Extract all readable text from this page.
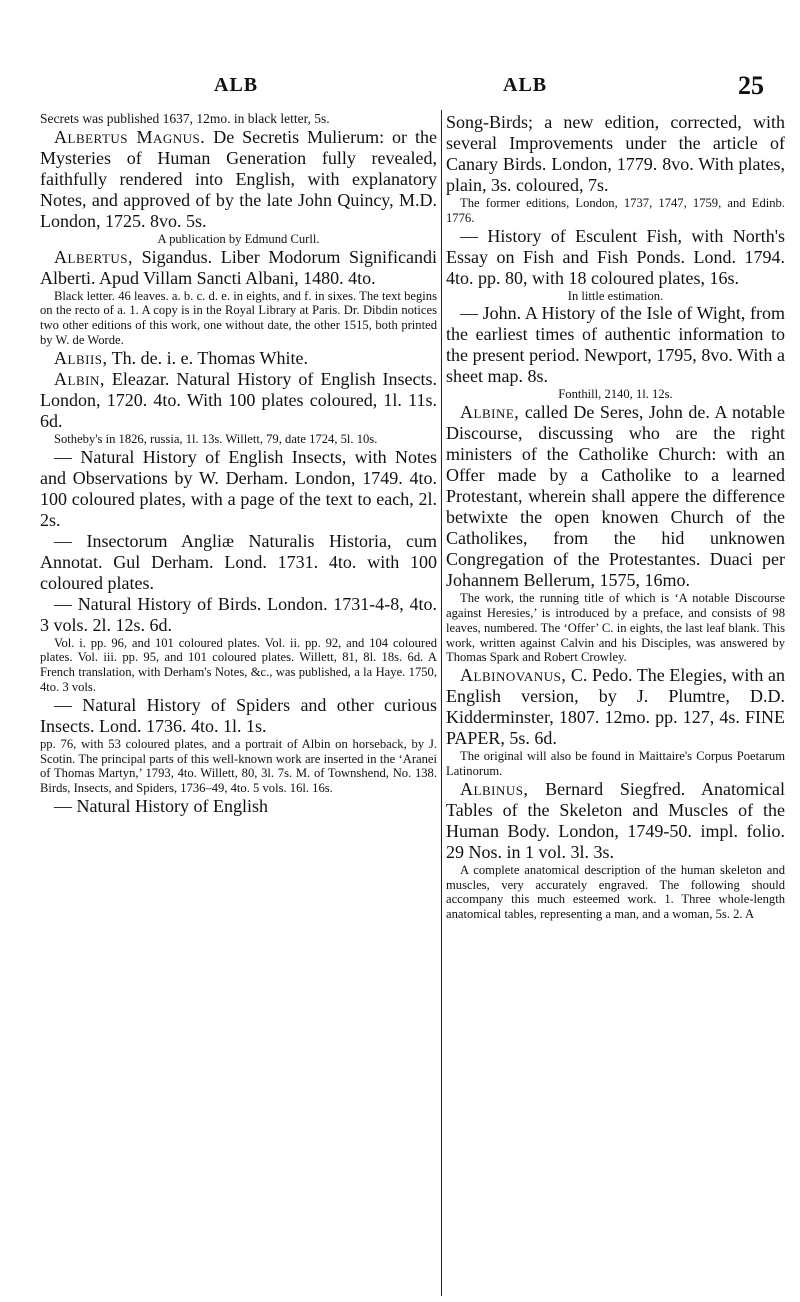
ALB	ALB	25

Secrets was published 1637, 12mo. in black letter, 5s.

Albertus Magnus. De Secretis Mulierum: or the Mysteries of Human Generation fully revealed, faithfully rendered into English, with explanatory Notes, and approved of by the late John Quincy, M.D. London, 1725. 8vo. 5s.

A publication by Edmund Curll.

Albertus, Sigandus. Liber Modorum Significandi Alberti. Apud Villam Sancti Albani, 1480. 4to.

Black letter. 46 leaves. a. b. c. d. e. in eights, and f. in sixes. The text begins on the recto of a. 1. A copy is in the Royal Library at Paris. Dr. Dibdin notices two other editions of this work, one without date, the other 1515, both printed by W. de Worde.

Albiis, Th. de. i. e. Thomas White.

Albin, Eleazar. Natural History of English Insects. London, 1720. 4to. With 100 plates coloured, 1l. 11s. 6d.

Sotheby's in 1826, russia, 1l. 13s. Willett, 79, date 1724, 5l. 10s.

— Natural History of English Insects, with Notes and Observations by W. Derham. London, 1749. 4to. 100 coloured plates, with a page of the text to each, 2l. 2s.

— Insectorum Angliæ Naturalis Historia, cum Annotat. Gul Derham. Lond. 1731. 4to. with 100 coloured plates.

— Natural History of Birds. London. 1731-4-8, 4to. 3 vols. 2l. 12s. 6d.

Vol. i. pp. 96, and 101 coloured plates. Vol. ii. pp. 92, and 104 coloured plates. Vol. iii. pp. 95, and 101 coloured plates. Willett, 81, 8l. 18s. 6d. A French translation, with Derham's Notes, &c., was published, a la Haye. 1750, 4to. 3 vols.

— Natural History of Spiders and other curious Insects. Lond. 1736. 4to. 1l. 1s.

pp. 76, with 53 coloured plates, and a portrait of Albin on horseback, by J. Scotin. The principal parts of this well-known work are inserted in the ‘Aranei of Thomas Martyn,’ 1793, 4to. Willett, 80, 3l. 7s. M. of Townshend, No. 138. Birds, Insects, and Spiders, 1736–49, 4to. 5 vols. 16l. 16s.

— Natural History of English

Song-Birds; a new edition, corrected, with several Improvements under the article of Canary Birds. London, 1779. 8vo. With plates, plain, 3s. coloured, 7s.

The former editions, London, 1737, 1747, 1759, and Edinb. 1776.

— History of Esculent Fish, with North's Essay on Fish and Fish Ponds. Lond. 1794. 4to. pp. 80, with 18 coloured plates, 16s.

In little estimation.

— John. A History of the Isle of Wight, from the earliest times of authentic information to the present period. Newport, 1795, 8vo. With a sheet map. 8s.

Fonthill, 2140, 1l. 12s.

Albine, called De Seres, John de. A notable Discourse, discussing who are the right ministers of the Catholike Church: with an Offer made by a Catholike to a learned Protestant, wherein shall appere the difference betwixte the open knowen Church of the Catholikes, from the hid unknowen Congregation of the Protestantes. Duaci per Johannem Bellerum, 1575, 16mo.

The work, the running title of which is ‘A notable Discourse against Heresies,’ is introduced by a preface, and consists of 98 leaves, numbered. The ‘Offer’ C. in eights, the last leaf blank. This work, written against Calvin and his Disciples, was answered by Thomas Spark and Robert Crowley.

Albinovanus, C. Pedo. The Elegies, with an English version, by J. Plumtre, D.D. Kidderminster, 1807. 12mo. pp. 127, 4s. FINE PAPER, 5s. 6d.

The original will also be found in Maittaire's Corpus Poetarum Latinorum.

Albinus, Bernard Siegfred. Anatomical Tables of the Skeleton and Muscles of the Human Body. London, 1749-50. impl. folio. 29 Nos. in 1 vol. 3l. 3s.

A complete anatomical description of the human skeleton and muscles, very accurately engraved. The following should accompany this much esteemed work. 1. Three whole-length anatomical tables, representing a man, and a woman, 5s. 2. A
